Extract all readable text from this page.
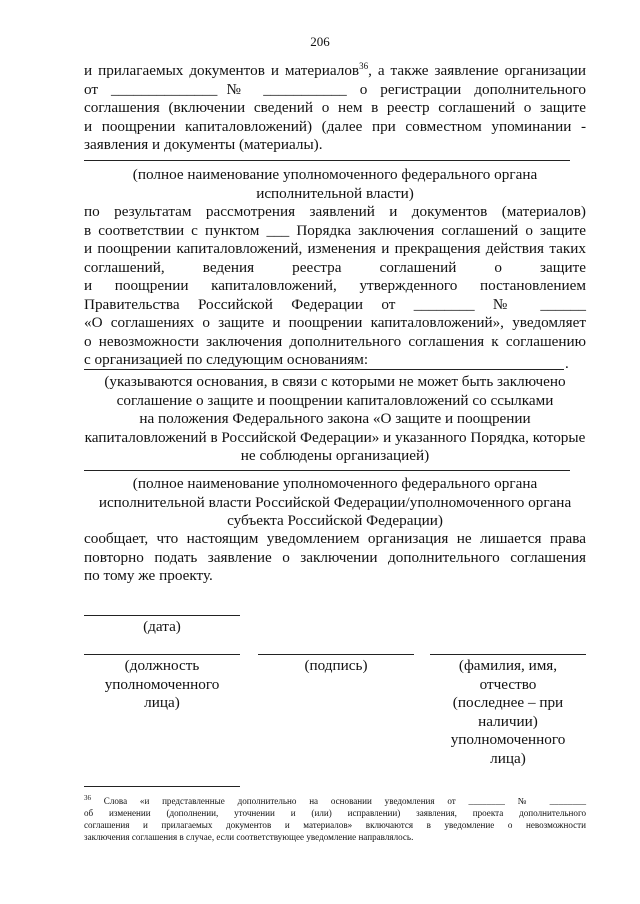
206
и прилагаемых документов и материалов$^{36}$, а также заявление организации
от ______________№ ___________ о регистрации дополнительного
соглашения (включении сведений о нем в реестр соглашений о защите
и поощрении капиталовложений) (далее при совместном упоминании -
заявления и документы (материалы).
(полное наименование уполномоченного федерального органа
исполнительной власти)
по результатам рассмотрения заявлений и документов (материалов)
в соответствии с пунктом ___ Порядка заключения соглашений о защите
и поощрении капиталовложений, изменения и прекращения действия таких
соглашений, ведения реестра соглашений о защите
и поощрении капиталовложений, утвержденного постановлением
Правительства Российской Федерации от ________ № ______
«О соглашениях о защите и поощрении капиталовложений», уведомляет
о невозможности заключения дополнительного соглашения к соглашению
с организацией по следующим основаниям:	.
(указываются основания, в связи с которыми не может быть заключено
соглашение о защите и поощрении капиталовложений со ссылками
на положения Федерального закона «О защите и поощрении
капиталовложений в Российской Федерации» и указанного Порядка, которые
не соблюдены организацией)
(полное наименование уполномоченного федерального органа
исполнительной власти Российской Федерации/уполномоченного органа
субъекта Российской Федерации)
сообщает, что настоящим уведомлением организация не лишается права
повторно подать заявление о заключении дополнительного соглашения
по тому же проекту.
(дата)
(должность
уполномоченного
лица)
(подпись)	(фамилия, имя,
отчество
(последнее – при
наличии)
уполномоченного
лица)
$^{36}$ Слова «и представленные дополнительно на основании уведомления от ________ № ________
об изменении (дополнении, уточнении и (или) исправлении) заявления, проекта дополнительного
соглашения и прилагаемых документов и материалов» включаются в уведомление о невозможности
заключения соглашения в случае, если соответствующее уведомление направлялось.
